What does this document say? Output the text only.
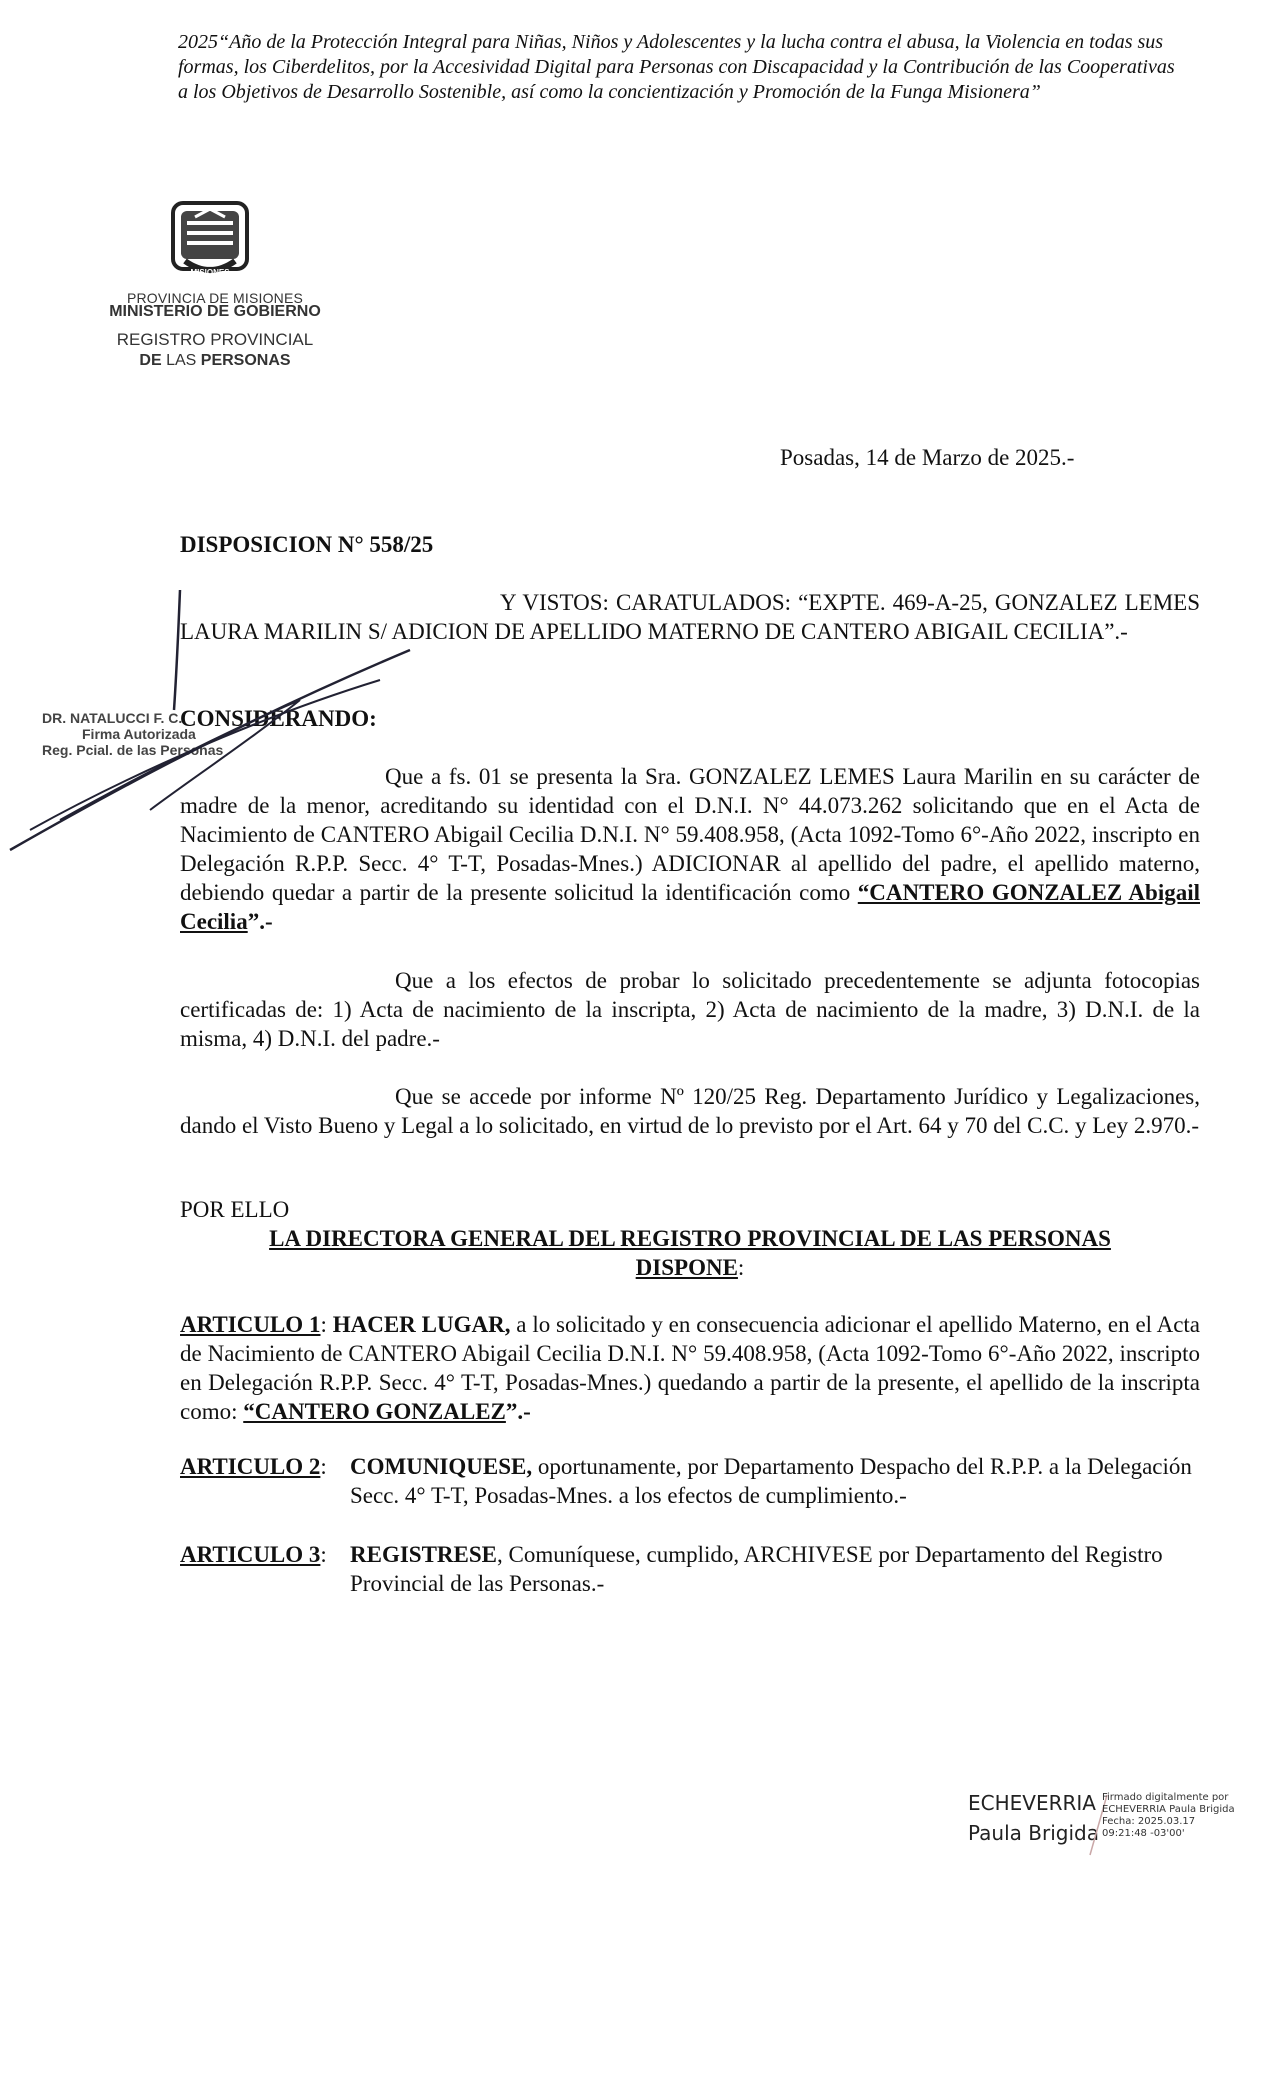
2025“Año de la Protección Integral para Niñas, Niños y Adolescentes y la lucha contra el abusa, la Violencia en todas sus formas, los Ciberdelitos, por la Accesividad Digital para Personas con Discapacidad y la Contribución de las Cooperativas a los Objetivos de Desarrollo Sostenible, así como la concientización y Promoción de la Funga Misionera”
MISIONES
PROVINCIA DE MISIONES
MINISTERIO DE GOBIERNO
REGISTRO PROVINCIAL
DE LAS PERSONAS
Posadas, 14 de Marzo de 2025.-
DISPOSICION N° 558/25
Y VISTOS: CARATULADOS: “EXPTE. 469-A-25, GONZALEZ LEMES LAURA MARILIN S/ ADICION DE APELLIDO MATERNO DE CANTERO ABIGAIL CECILIA”.-
CONSIDERANDO:
DR. NATALUCCI F. C.
Firma Autorizada
Reg. Pcial. de las Personas
Que a fs. 01 se presenta la Sra. GONZALEZ LEMES Laura Marilin en su carácter de madre de la menor, acreditando su identidad con el D.N.I. N° 44.073.262 solicitando que en el Acta de Nacimiento de CANTERO Abigail Cecilia D.N.I. N° 59.408.958, (Acta 1092-Tomo 6°-Año 2022, inscripto en Delegación R.P.P. Secc. 4° T-T, Posadas-Mnes.) ADICIONAR al apellido del padre, el apellido materno, debiendo quedar a partir de la presente solicitud la identificación como “CANTERO GONZALEZ Abigail Cecilia”.-
Que a los efectos de probar lo solicitado precedentemente se adjunta fotocopias certificadas de: 1) Acta de nacimiento de la inscripta, 2) Acta de nacimiento de la madre, 3) D.N.I. de la misma, 4) D.N.I. del padre.-
Que se accede por informe Nº 120/25 Reg. Departamento Jurídico y Legalizaciones, dando el Visto Bueno y Legal a lo solicitado, en virtud de lo previsto por el Art. 64 y 70 del C.C. y Ley 2.970.-
POR ELLO
LA DIRECTORA GENERAL DEL REGISTRO PROVINCIAL DE LAS PERSONAS
DISPONE:
ARTICULO 1: HACER LUGAR, a lo solicitado y en consecuencia adicionar el apellido Materno, en el Acta de Nacimiento de CANTERO Abigail Cecilia D.N.I. N° 59.408.958, (Acta 1092-Tomo 6°-Año 2022, inscripto en Delegación R.P.P. Secc. 4° T-T, Posadas-Mnes.) quedando a partir de la presente, el apellido de la inscripta como: “CANTERO GONZALEZ”.-
ARTICULO 2:	COMUNIQUESE, oportunamente, por Departamento Despacho del R.P.P. a la Delegación Secc. 4° T-T, Posadas-Mnes. a los efectos de cumplimiento.-
ARTICULO 3:	REGISTRESE, Comuníquese, cumplido, ARCHIVESE por Departamento del Registro Provincial de las Personas.-
ECHEVERRIA
Paula Brigida
Firmado digitalmente por
ECHEVERRIA Paula Brigida
Fecha: 2025.03.17
09:21:48 -03'00'
